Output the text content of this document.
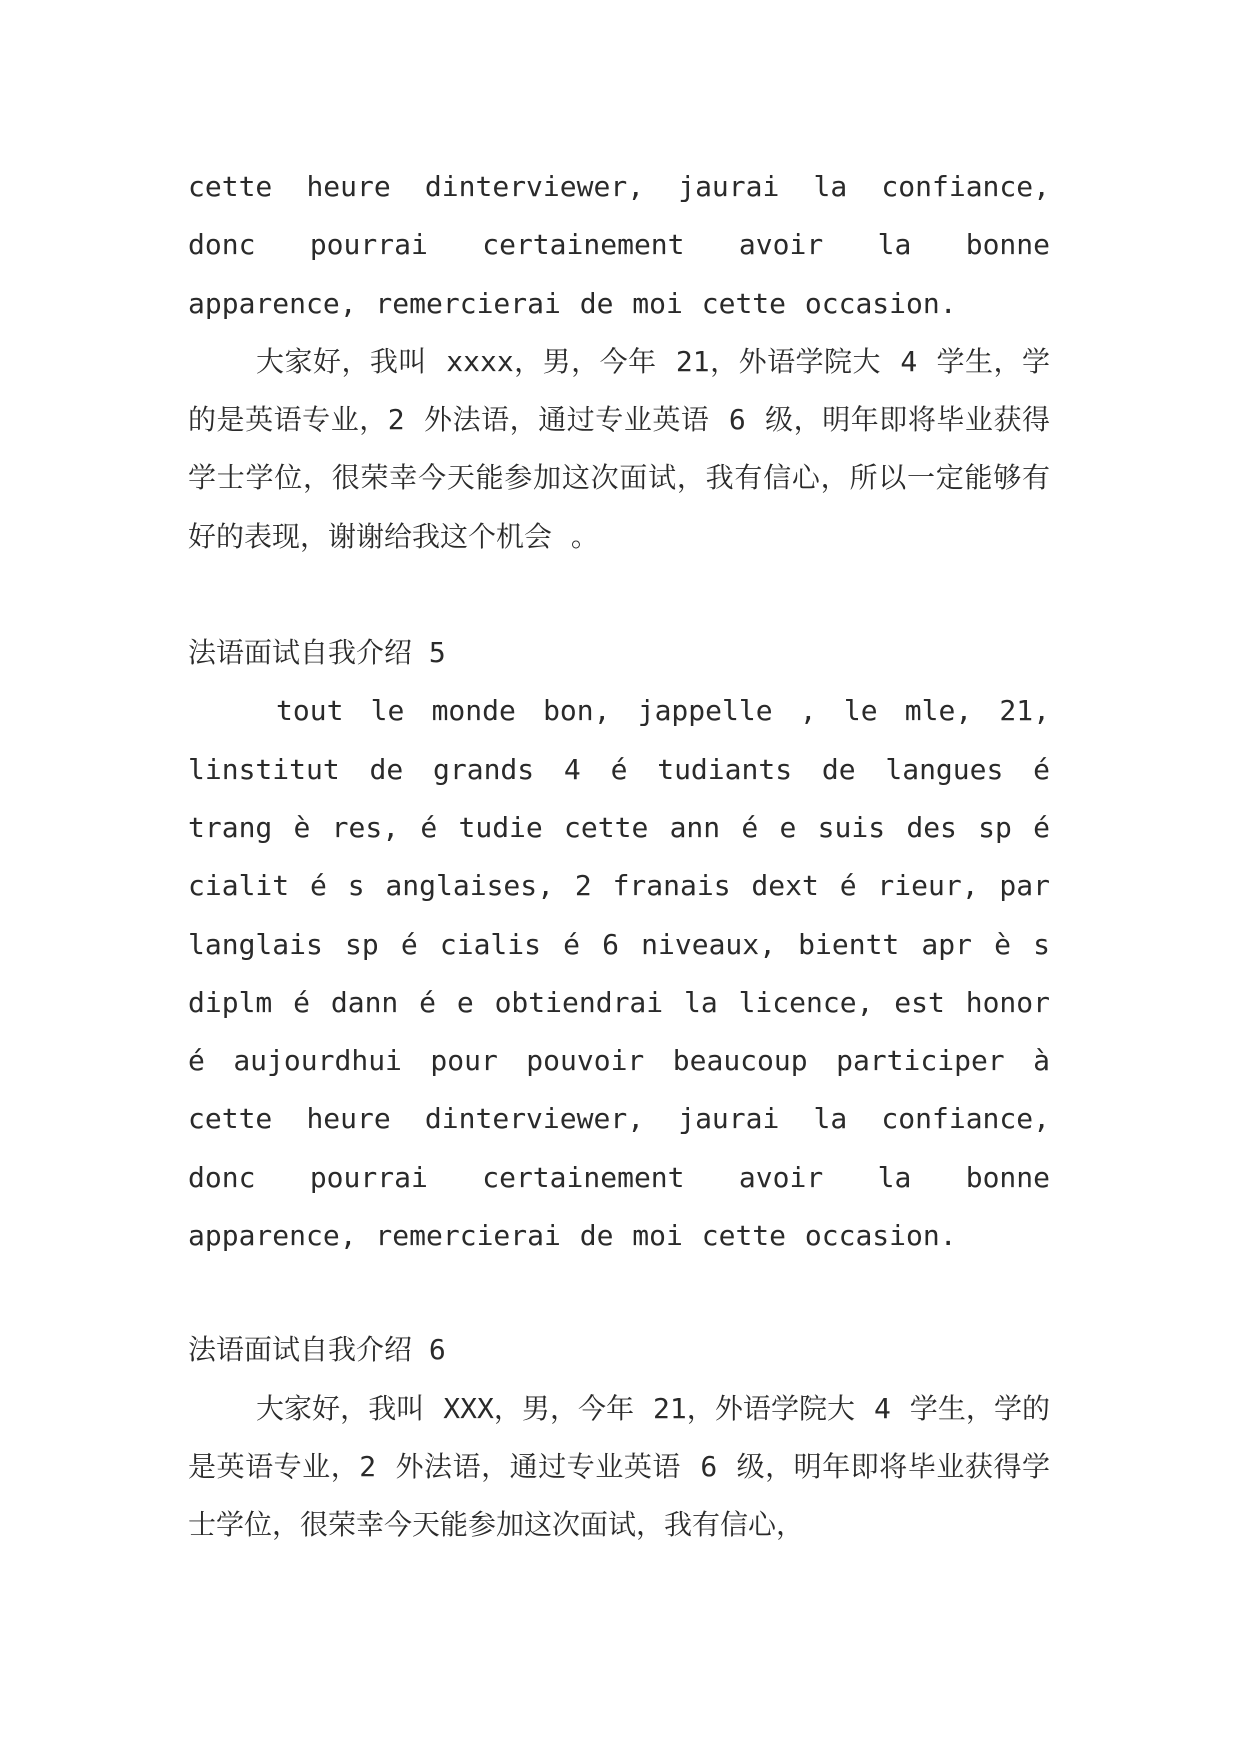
cette heure dinterviewer, jaurai la confiance, donc pourrai certainement avoir la bonne apparence, remercierai de moi cette occasion.

大家好，我叫 xxxx，男，今年 21，外语学院大 4 学生，学的是英语专业，2 外法语，通过专业英语 6 级，明年即将毕业获得学士学位，很荣幸今天能参加这次面试，我有信心，所以一定能够有好的表现，谢谢给我这个机会 。

法语面试自我介绍 5

tout le monde bon, jappelle , le mle, 21, linstitut de grands 4 é tudiants de langues é trang è res, é tudie cette ann é e suis des sp é cialit é s anglaises, 2 franais dext é rieur, par langlais sp é cialis é 6 niveaux, bientt apr è s diplm é dann é e obtiendrai la licence, est honor é aujourdhui pour pouvoir beaucoup participer à cette heure dinterviewer, jaurai la confiance, donc pourrai certainement avoir la bonne apparence, remercierai de moi cette occasion.

法语面试自我介绍 6

大家好，我叫 XXX，男，今年 21，外语学院大 4 学生，学的是英语专业，2 外法语，通过专业英语 6 级，明年即将毕业获得学士学位，很荣幸今天能参加这次面试，我有信心，
